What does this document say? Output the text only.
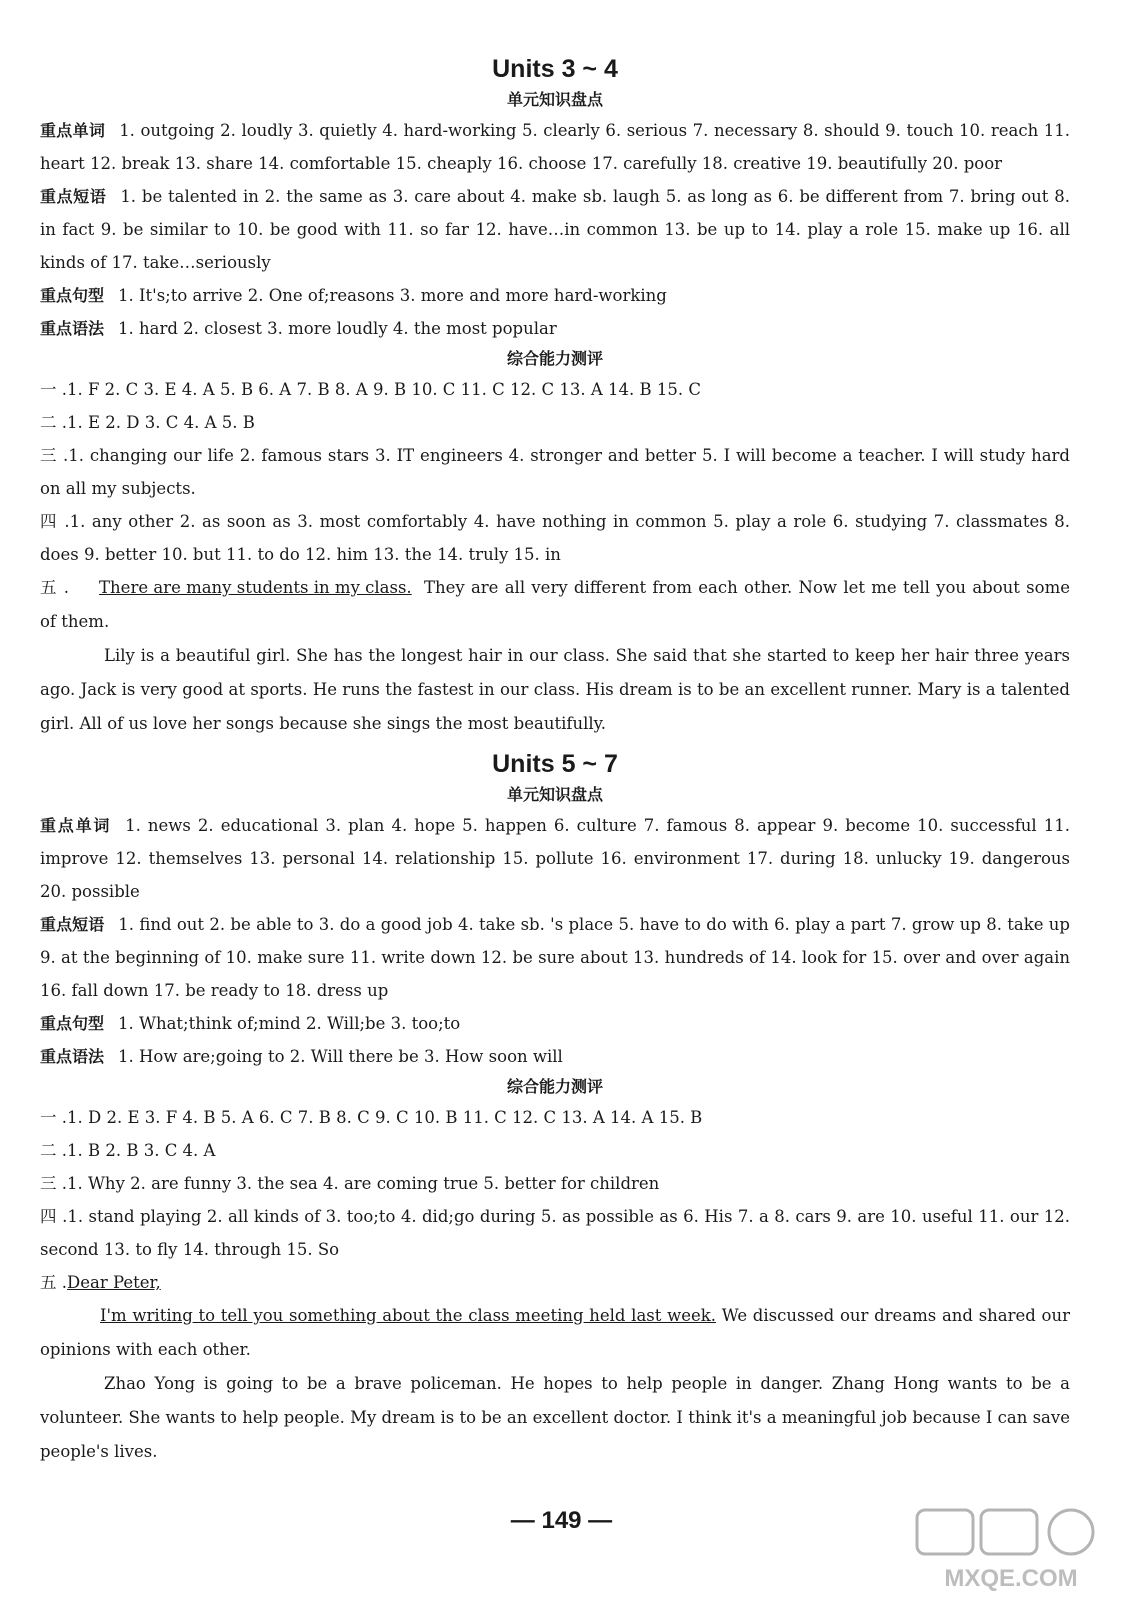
Units 3 ~ 4
单元知识盘点
重点单词 1. outgoing 2. loudly 3. quietly 4. hard-working 5. clearly 6. serious 7. necessary 8. should 9. touch 10. reach 11. heart 12. break 13. share 14. comfortable 15. cheaply 16. choose 17. carefully 18. creative 19. beautifully 20. poor
重点短语 1. be talented in 2. the same as 3. care about 4. make sb. laugh 5. as long as 6. be different from 7. bring out 8. in fact 9. be similar to 10. be good with 11. so far 12. have…in common 13. be up to 14. play a role 15. make up 16. all kinds of 17. take…seriously
重点句型 1. It's;to arrive 2. One of;reasons 3. more and more hard-working
重点语法 1. hard 2. closest 3. more loudly 4. the most popular
综合能力测评
一 .1. F 2. C 3. E 4. A 5. B 6. A 7. B 8. A 9. B 10. C 11. C 12. C 13. A 14. B 15. C
二 .1. E 2. D 3. C 4. A 5. B
三 .1. changing our life 2. famous stars 3. IT engineers 4. stronger and better 5. I will become a teacher. I will study hard on all my subjects.
四 .1. any other 2. as soon as 3. most comfortably 4. have nothing in common 5. play a role 6. studying 7. classmates 8. does 9. better 10. but 11. to do 12. him 13. the 14. truly 15. in
五 . There are many students in my class. They are all very different from each other. Now let me tell you about some of them.
Lily is a beautiful girl. She has the longest hair in our class. She said that she started to keep her hair three years ago. Jack is very good at sports. He runs the fastest in our class. His dream is to be an excellent runner. Mary is a talented girl. All of us love her songs because she sings the most beautifully.
Units 5 ~ 7
单元知识盘点
重点单词 1. news 2. educational 3. plan 4. hope 5. happen 6. culture 7. famous 8. appear 9. become 10. successful 11. improve 12. themselves 13. personal 14. relationship 15. pollute 16. environment 17. during 18. unlucky 19. dangerous 20. possible
重点短语 1. find out 2. be able to 3. do a good job 4. take sb. 's place 5. have to do with 6. play a part 7. grow up 8. take up 9. at the beginning of 10. make sure 11. write down 12. be sure about 13. hundreds of 14. look for 15. over and over again 16. fall down 17. be ready to 18. dress up
重点句型 1. What;think of;mind 2. Will;be 3. too;to
重点语法 1. How are;going to 2. Will there be 3. How soon will
综合能力测评
一 .1. D 2. E 3. F 4. B 5. A 6. C 7. B 8. C 9. C 10. B 11. C 12. C 13. A 14. A 15. B
二 .1. B 2. B 3. C 4. A
三 .1. Why 2. are funny 3. the sea 4. are coming true 5. better for children
四 .1. stand playing 2. all kinds of 3. too;to 4. did;go during 5. as possible as 6. His 7. a 8. cars 9. are 10. useful 11. our 12. second 13. to fly 14. through 15. So
五 .Dear Peter,
I'm writing to tell you something about the class meeting held last week. We discussed our dreams and shared our opinions with each other.
Zhao Yong is going to be a brave policeman. He hopes to help people in danger. Zhang Hong wants to be a volunteer. She wants to help people. My dream is to be an excellent doctor. I think it's a meaningful job because I can save people's lives.
— 149 —
MXQE.COM
